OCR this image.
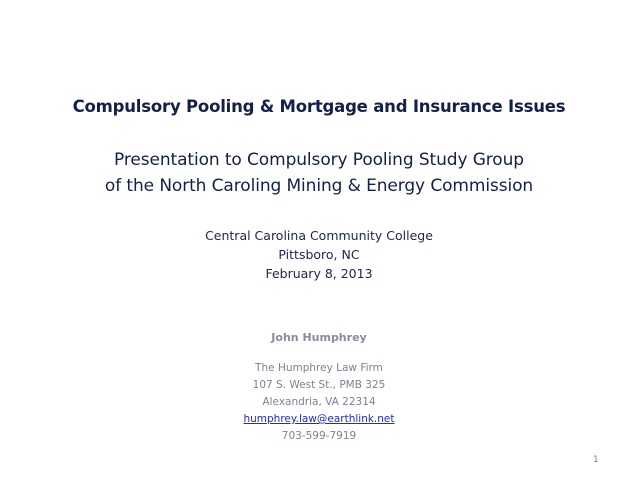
Compulsory Pooling & Mortgage and Insurance Issues
Presentation to Compulsory Pooling Study Group
of the North Caroling Mining & Energy Commission
Central Carolina Community College
Pittsboro, NC
February 8, 2013
John Humphrey
The Humphrey Law Firm
107 S. West St., PMB 325
Alexandria, VA 22314
humphrey.law@earthlink.net
703-599-7919
1
